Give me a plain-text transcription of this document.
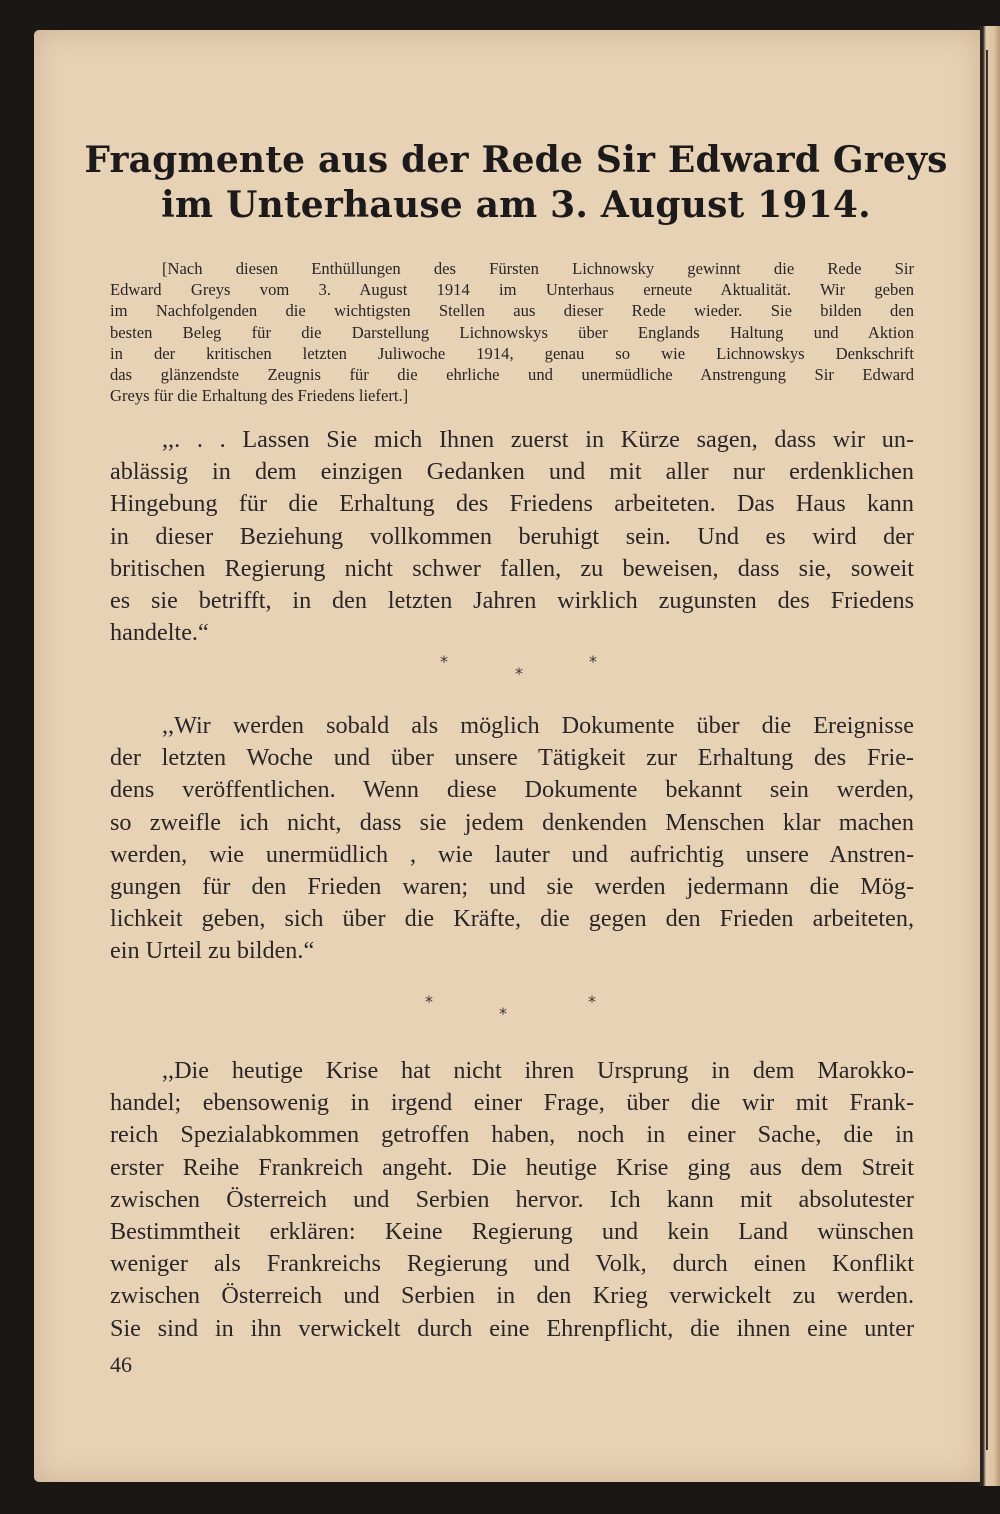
Fragmente aus der Rede Sir Edward Greys
im Unterhause am 3. August 1914.
[Nach diesen Enthüllungen des Fürsten Lichnowsky gewinnt die Rede Sir
Edward Greys vom 3. August 1914 im Unterhaus erneute Aktualität. Wir geben
im Nachfolgenden die wichtigsten Stellen aus dieser Rede wieder. Sie bilden den
besten Beleg für die Darstellung Lichnowskys über Englands Haltung und Aktion
in der kritischen letzten Juliwoche 1914, genau so wie Lichnowskys Denkschrift
das glänzendste Zeugnis für die ehrliche und unermüdliche Anstrengung Sir Edward
Greys für die Erhaltung des Friedens liefert.]
,,. . . Lassen Sie mich Ihnen zuerst in Kürze sagen, dass wir un-
ablässig in dem einzigen Gedanken und mit aller nur erdenklichen
Hingebung für die Erhaltung des Friedens arbeiteten. Das Haus kann
in dieser Beziehung vollkommen beruhigt sein. Und es wird der
britischen Regierung nicht schwer fallen, zu beweisen, dass sie, soweit
es sie betrifft, in den letzten Jahren wirklich zugunsten des Friedens
handelte.“
*
*
*
,,Wir werden sobald als möglich Dokumente über die Ereignisse
der letzten Woche und über unsere Tätigkeit zur Erhaltung des Frie-
dens veröffentlichen. Wenn diese Dokumente bekannt sein werden,
so zweifle ich nicht, dass sie jedem denkenden Menschen klar machen
werden, wie unermüdlich , wie lauter und aufrichtig unsere Anstren-
gungen für den Frieden waren; und sie werden jedermann die Mög-
lichkeit geben, sich über die Kräfte, die gegen den Frieden arbeiteten,
ein Urteil zu bilden.“
*
*
*
,,Die heutige Krise hat nicht ihren Ursprung in dem Marokko-
handel; ebensowenig in irgend einer Frage, über die wir mit Frank-
reich Spezialabkommen getroffen haben, noch in einer Sache, die in
erster Reihe Frankreich angeht. Die heutige Krise ging aus dem Streit
zwischen Österreich und Serbien hervor. Ich kann mit absolutester
Bestimmtheit erklären: Keine Regierung und kein Land wünschen
weniger als Frankreichs Regierung und Volk, durch einen Konflikt
zwischen Österreich und Serbien in den Krieg verwickelt zu werden.
Sie sind in ihn verwickelt durch eine Ehrenpflicht, die ihnen eine unter
46
